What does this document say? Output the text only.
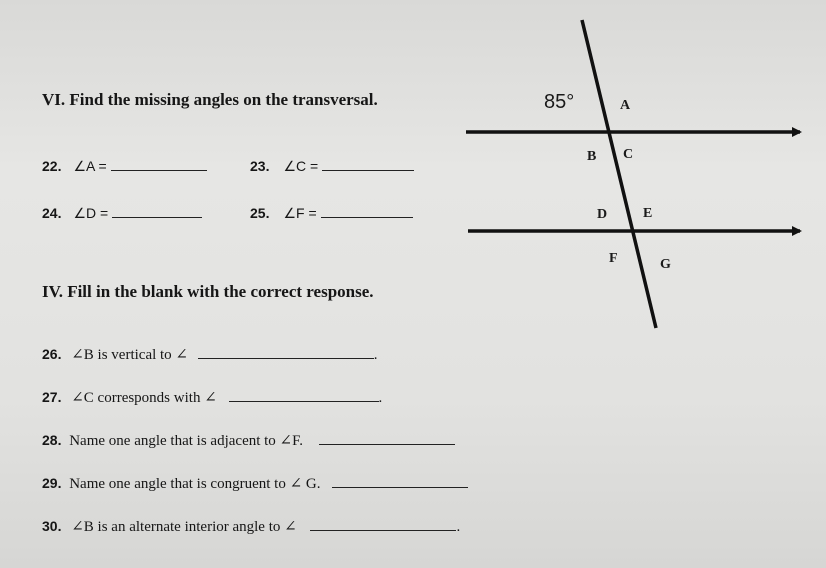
VI. Find the missing angles on the transversal.
22. ∠A =	23. ∠C =
24. ∠D =	25. ∠F =
IV. Fill in the blank with the correct response.
26. ∠B is vertical to ∠	.
27. ∠C corresponds with ∠	.
28. Name one angle that is adjacent to ∠F.
29. Name one angle that is congruent to ∠ G.
30. ∠B is an alternate interior angle to ∠	.
85°	A
B C
D	E
F	G
